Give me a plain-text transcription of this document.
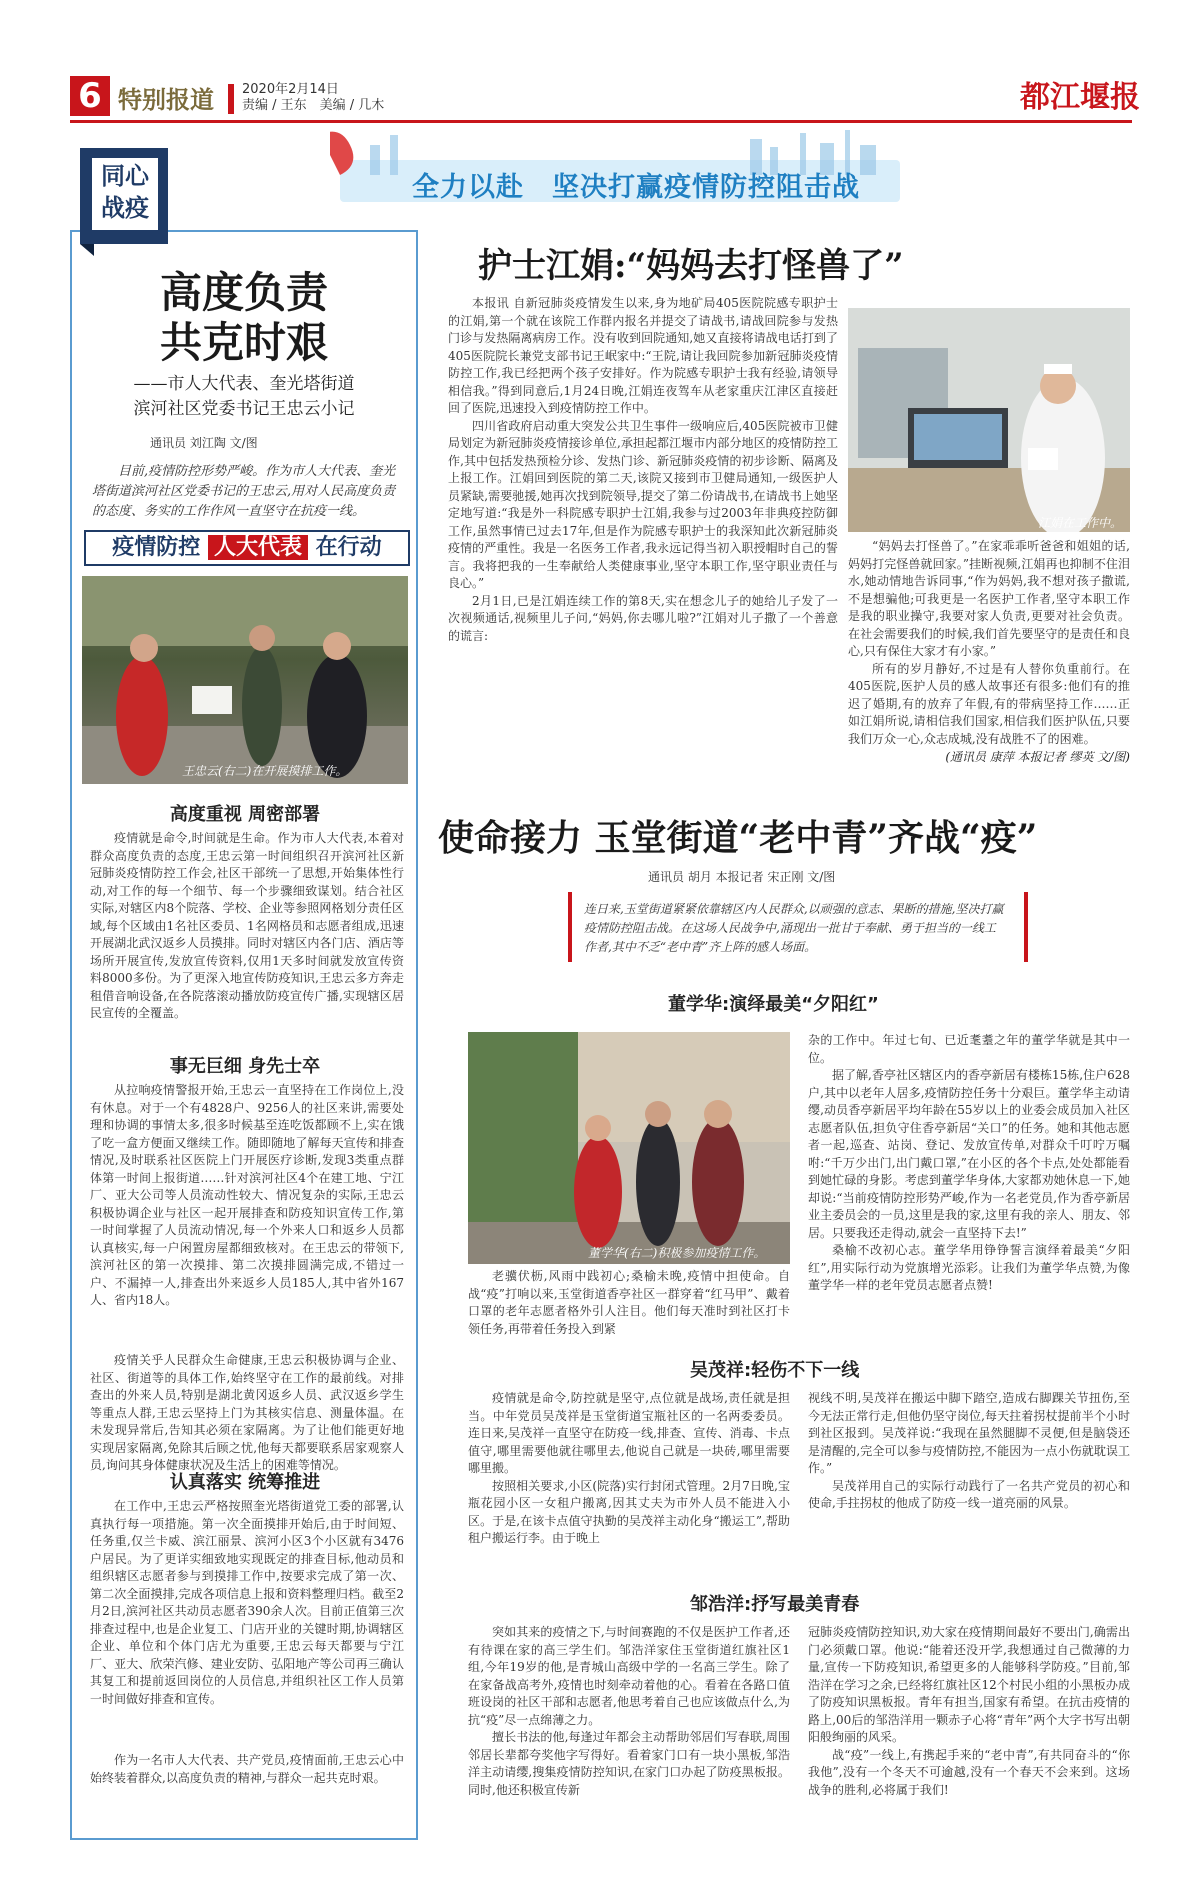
6 特别报道 2020年2月14日
责编 / 王东　美编 / 几木	都江堰报
全力以赴　坚决打赢疫情防控阻击战
同心
战疫
高度负责
共克时艰
——市人大代表、奎光塔街道
滨河社区党委书记王忠云小记
通讯员 刘江陶 文/图

目前,疫情防控形势严峻。作为市人大代表、奎光塔街道滨河社区党委书记的王忠云,用对人民高度负责的态度、务实的工作作风一直坚守在抗疫一线。

疫情防控 人大代表 在行动
王忠云(右二)在开展摸排工作。
高度重视 周密部署

疫情就是命令,时间就是生命。作为市人大代表,本着对群众高度负责的态度,王忠云第一时间组织召开滨河社区新冠肺炎疫情防控工作会,社区干部统一了思想,开始集体性行动,对工作的每一个细节、每一个步骤细致谋划。结合社区实际,对辖区内8个院落、学校、企业等参照网格划分责任区域,每个区域由1名社区委员、1名网格员和志愿者组成,迅速开展湖北武汉返乡人员摸排。同时对辖区内各门店、酒店等场所开展宣传,发放宣传资料,仅用1天多时间就发放宣传资料8000多份。为了更深入地宣传防疫知识,王忠云多方奔走租借音响设备,在各院落滚动播放防疫宣传广播,实现辖区居民宣传的全覆盖。

事无巨细 身先士卒

从拉响疫情警报开始,王忠云一直坚持在工作岗位上,没有休息。对于一个有4828户、9256人的社区来讲,需要处理和协调的事情太多,很多时候基至连吃饭都顾不上,实在饿了吃一盒方便面又继续工作。随即随地了解每天宣传和排查情况,及时联系社区医院上门开展医疗诊断,发现3类重点群体第一时间上报街道……针对滨河社区4个在建工地、宁江厂、亚大公司等人员流动性较大、情况复杂的实际,王忠云积极协调企业与社区一起开展排查和防疫知识宣传工作,第一时间掌握了人员流动情况,每一个外来人口和返乡人员都认真核实,每一户闲置房屋都细致核对。在王忠云的带领下,滨河社区的第一次摸排、第二次摸排圆满完成,不错过一户、不漏掉一人,排查出外来返乡人员185人,其中省外167人、省内18人。

疫情关乎人民群众生命健康,王忠云积极协调与企业、社区、街道等的具体工作,始终坚守在工作的最前线。对排查出的外来人员,特别是湖北黄冈返乡人员、武汉返乡学生等重点人群,王忠云坚持上门为其核实信息、测量体温。在未发现异常后,告知其必须在家隔离。为了让他们能更好地实现居家隔离,免除其后顾之忧,他每天都要联系居家观察人员,询问其身体健康状况及生活上的困难等情况。

认真落实 统筹推进

在工作中,王忠云严格按照奎光塔街道党工委的部署,认真执行每一项措施。第一次全面摸排开始后,由于时间短、任务重,仅兰卡威、滨江丽景、滨河小区3个小区就有3476户居民。为了更详实细致地实现既定的排查目标,他动员和组织辖区志愿者参与到摸排工作中,按要求完成了第一次、第二次全面摸排,完成各项信息上报和资料整理归档。截至2月2日,滨河社区共动员志愿者390余人次。目前正值第三次排查过程中,也是企业复工、门店开业的关键时期,协调辖区企业、单位和个体门店尤为重要,王忠云每天都要与宁江厂、亚大、欣荣汽修、建业安防、弘阳地产等公司再三确认其复工和提前返回岗位的人员信息,并组织社区工作人员第一时间做好排查和宣传。

作为一名市人大代表、共产党员,疫情面前,王忠云心中始终装着群众,以高度负责的精神,与群众一起共克时艰。

护士江娟:“妈妈去打怪兽了”

本报讯 自新冠肺炎疫情发生以来,身为地矿局405医院院感专职护士的江娟,第一个就在该院工作群内报名并提交了请战书,请战回院参与发热门诊与发热隔离病房工作。没有收到回院通知,她又直接将请战电话打到了405医院院长兼党支部书记王岷家中:“王院,请让我回院参加新冠肺炎疫情防控工作,我已经把两个孩子安排好。作为院感专职护士我有经验,请领导相信我。”得到同意后,1月24日晚,江娟连夜驾车从老家重庆江津区直接赶回了医院,迅速投入到疫情防控工作中。

四川省政府启动重大突发公共卫生事件一级响应后,405医院被市卫健局划定为新冠肺炎疫情接诊单位,承担起都江堰市内部分地区的疫情防控工作,其中包括发热预检分诊、发热门诊、新冠肺炎疫情的初步诊断、隔离及上报工作。江娟回到医院的第二天,该院又接到市卫健局通知,一级医护人员紧缺,需要驰援,她再次找到院领导,提交了第二份请战书,在请战书上她坚定地写道:“我是外一科院感专职护士江娟,我参与过2003年非典疫控防御工作,虽然事情已过去17年,但是作为院感专职护士的我深知此次新冠肺炎疫情的严重性。我是一名医务工作者,我永远记得当初入职授帽时自己的誓言。我将把我的一生奉献给人类健康事业,坚守本职工作,坚守职业责任与良心。”

2月1日,已是江娟连续工作的第8天,实在想念儿子的她给儿子发了一次视频通话,视频里儿子问,“妈妈,你去哪儿啦?”江娟对儿子撒了一个善意的谎言:

江娟在工作中。

“妈妈去打怪兽了。”在家乖乖听爸爸和姐姐的话,妈妈打完怪兽就回家。”挂断视频,江娟再也抑制不住泪水,她动情地告诉同事,“作为妈妈,我不想对孩子撒谎,不是想骗他;可我更是一名医护工作者,坚守本职工作是我的职业操守,我要对家人负责,更要对社会负责。在社会需要我们的时候,我们首先要坚守的是责任和良心,只有保住大家才有小家。”

所有的岁月静好,不过是有人替你负重前行。在405医院,医护人员的感人故事还有很多:他们有的推迟了婚期,有的放弃了年假,有的带病坚持工作……正如江娟所说,请相信我们国家,相信我们医护队伍,只要我们万众一心,众志成城,没有战胜不了的困难。

(通讯员 康萍 本报记者 缪英 文/图)
使命接力 玉堂街道“老中青”齐战“疫”
通讯员 胡月 本报记者 宋正刚 文/图
连日来,玉堂街道紧紧依靠辖区内人民群众,以顽强的意志、果断的措施,坚决打赢疫情防控阻击战。在这场人民战争中,涌现出一批甘于奉献、勇于担当的一线工作者,其中不乏“老中青”齐上阵的感人场面。
董学华:演绎最美“夕阳红”
董学华(右二)积极参加疫情工作。

老骥伏枥,风雨中践初心;桑榆未晚,疫情中担使命。自战“疫”打响以来,玉堂街道香亭社区一群穿着“红马甲”、戴着口罩的老年志愿者格外引人注目。他们每天准时到社区打卡领任务,再带着任务投入到紧

杂的工作中。年过七旬、已近耄耋之年的董学华就是其中一位。

据了解,香亭社区辖区内的香亭新居有楼栋15栋,住户628户,其中以老年人居多,疫情防控任务十分艰巨。董学华主动请缨,动员香亭新居平均年龄在55岁以上的业委会成员加入社区志愿者队伍,担负守住香亭新居“关口”的任务。她和其他志愿者一起,巡查、站岗、登记、发放宣传单,对群众千叮咛万嘱咐:“千万少出门,出门戴口罩,”在小区的各个卡点,处处都能看到她忙碌的身影。考虑到董学华身体,大家都劝她休息一下,她却说:“当前疫情防控形势严峻,作为一名老党员,作为香亭新居业主委员会的一员,这里是我的家,这里有我的亲人、朋友、邻居。只要我还走得动,就会一直坚持下去!”

桑榆不改初心志。董学华用铮铮誓言演绎着最美“夕阳红”,用实际行动为党旗增光添彩。让我们为董学华点赞,为像董学华一样的老年党员志愿者点赞!

吴茂祥:轻伤不下一线

疫情就是命令,防控就是坚守,点位就是战场,责任就是担当。中年党员吴茂祥是玉堂街道宝瓶社区的一名两委委员。连日来,吴茂祥一直坚守在防疫一线,排查、宣传、消毒、卡点值守,哪里需要他就往哪里去,他说自己就是一块砖,哪里需要哪里搬。

按照相关要求,小区(院落)实行封闭式管理。2月7日晚,宝瓶花园小区一女租户搬离,因其丈夫为市外人员不能进入小区。于是,在该卡点值守执勤的吴茂祥主动化身“搬运工”,帮助租户搬运行李。由于晚上

视线不明,吴茂祥在搬运中脚下踏空,造成右脚踝关节扭伤,至今无法正常行走,但他仍坚守岗位,每天拄着拐杖提前半个小时到社区报到。吴茂祥说:“我现在虽然腿脚不灵便,但是脑袋还是清醒的,完全可以参与疫情防控,不能因为一点小伤就耽误工作。”

吴茂祥用自己的实际行动践行了一名共产党员的初心和使命,手拄拐杖的他成了防疫一线一道亮丽的风景。

邹浩洋:抒写最美青春

突如其来的疫情之下,与时间赛跑的不仅是医护工作者,还有待课在家的高三学生们。邹浩洋家住玉堂街道红旗社区1组,今年19岁的他,是青城山高级中学的一名高三学生。除了在家备战高考外,疫情也时刻牵动着他的心。看着在各路口值班设岗的社区干部和志愿者,他思考着自己也应该做点什么,为抗“疫”尽一点绵薄之力。

擅长书法的他,每逢过年都会主动帮助邻居们写春联,周围邻居长辈都夸奖他字写得好。看着家门口有一块小黑板,邹浩洋主动请缨,搜集疫情防控知识,在家门口办起了防疫黑板报。同时,他还积极宣传新

冠肺炎疫情防控知识,劝大家在疫情期间最好不要出门,确需出门必须戴口罩。他说:“能着还没开学,我想通过自己微薄的力量,宣传一下防疫知识,希望更多的人能够科学防疫。”目前,邹浩洋在学习之余,已经将红旗社区12个村民小组的小黑板办成了防疫知识黑板报。青年有担当,国家有希望。在抗击疫情的路上,00后的邹浩洋用一颗赤子心将“青年”两个大字书写出朝阳般绚丽的风采。

战“疫”一线上,有携起手来的“老中青”,有共同奋斗的“你我他”,没有一个冬天不可逾越,没有一个春天不会来到。这场战争的胜利,必将属于我们!
